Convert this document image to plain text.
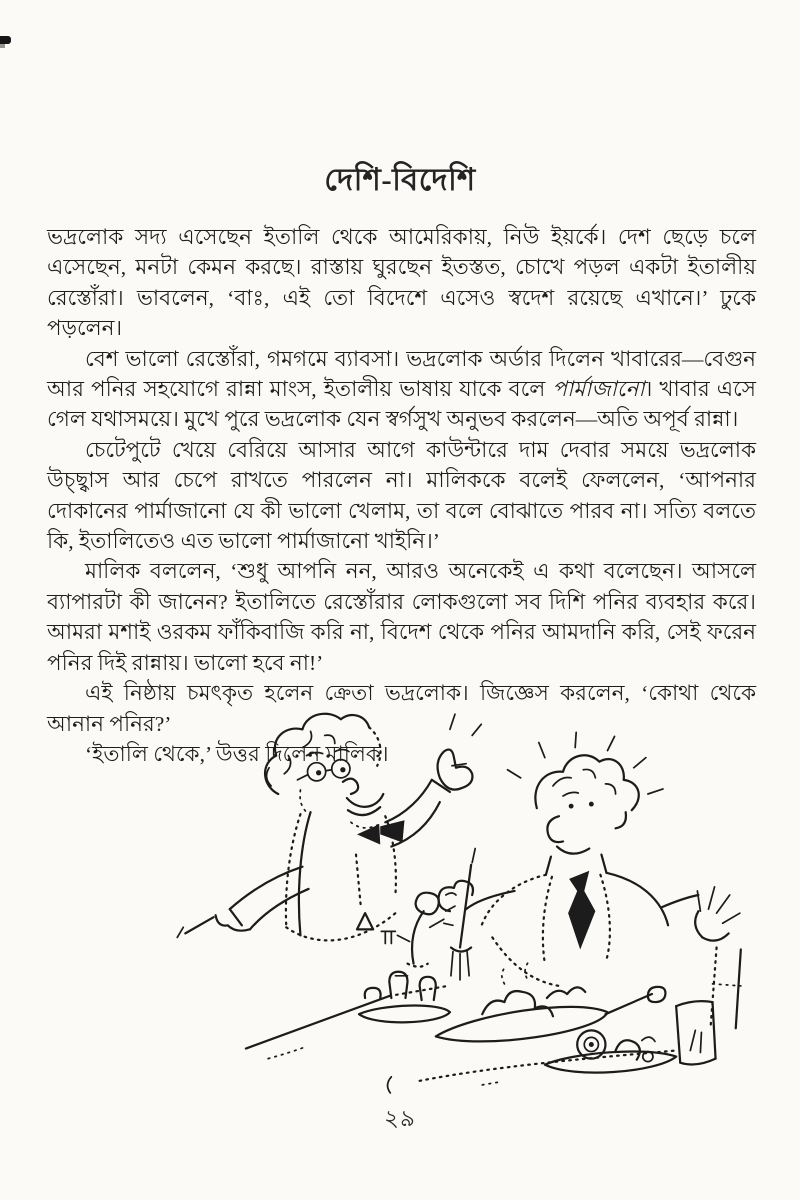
দেশি-বিদেশি

ভদ্রলোক সদ্য এসেছেন ইতালি থেকে আমেরিকায়, নিউ ইয়র্কে। দেশ ছেড়ে চলে এসেছেন, মনটা কেমন করছে। রাস্তায় ঘুরছেন ইতস্তত, চোখে পড়ল একটা ইতালীয় রেস্তোঁরা। ভাবলেন, ‘বাঃ, এই তো বিদেশে এসেও স্বদেশ রয়েছে এখানে।’ ঢুকে পড়লেন।

বেশ ভালো রেস্তোঁরা, গমগমে ব্যাবসা। ভদ্রলোক অর্ডার দিলেন খাবারের—বেগুন আর পনির সহযোগে রান্না মাংস, ইতালীয় ভাষায় যাকে বলে পার্মাজানো। খাবার এসে গেল যথাসময়ে। মুখে পুরে ভদ্রলোক যেন স্বর্গসুখ অনুভব করলেন—অতি অপূর্ব রান্না।

চেটেপুটে খেয়ে বেরিয়ে আসার আগে কাউন্টারে দাম দেবার সময়ে ভদ্রলোক উচ্ছ্বাস আর চেপে রাখতে পারলেন না। মালিককে বলেই ফেললেন, ‘আপনার দোকানের পার্মাজানো যে কী ভালো খেলাম, তা বলে বোঝাতে পারব না। সত্যি বলতে কি, ইতালিতেও এত ভালো পার্মাজানো খাইনি।’

মালিক বললেন, ‘শুধু আপনি নন, আরও অনেকেই এ কথা বলেছেন। আসলে ব্যাপারটা কী জানেন? ইতালিতে রেস্তোঁরার লোকগুলো সব দিশি পনির ব্যবহার করে। আমরা মশাই ওরকম ফাঁকিবাজি করি না, বিদেশ থেকে পনির আমদানি করি, সেই ফরেন পনির দিই রান্নায়। ভালো হবে না!’

এই নিষ্ঠায় চমৎকৃত হলেন ক্রেতা ভদ্রলোক। জিজ্ঞেস করলেন, ‘কোথা থেকে আনান পনির?’

‘ইতালি থেকে,’ উত্তর দিলেন মালিক।

২৯
